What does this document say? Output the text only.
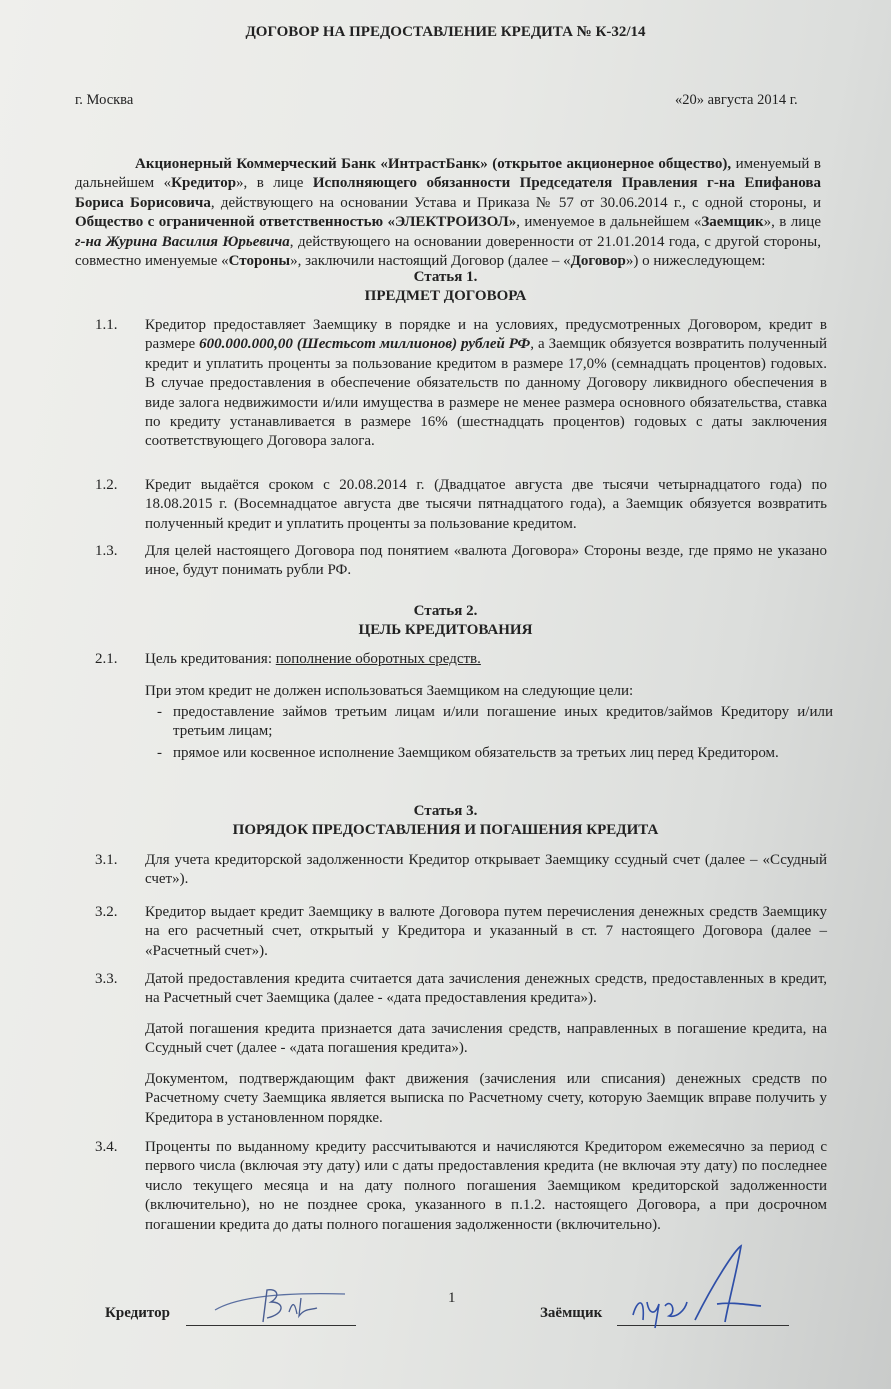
ДОГОВОР НА ПРЕДОСТАВЛЕНИЕ КРЕДИТА № К-32/14
г. Москва	«20» августа 2014 г.
Акционерный Коммерческий Банк «ИнтрастБанк» (открытое акционерное общество), именуемый в дальнейшем «Кредитор», в лице Исполняющего обязанности Председателя Правления г-на Епифанова Бориса Борисовича, действующего на основании Устава и Приказа № 57 от 30.06.2014 г., с одной стороны, и Общество с ограниченной ответственностью «ЭЛЕКТРОИЗОЛ», именуемое в дальнейшем «Заемщик», в лице г-на Журина Василия Юрьевича, действующего на основании доверенности от 21.01.2014 года, с другой стороны, совместно именуемые «Стороны», заключили настоящий Договор (далее – «Договор») о нижеследующем:
Статья 1.
ПРЕДМЕТ ДОГОВОРА
1.1. Кредитор предоставляет Заемщику в порядке и на условиях, предусмотренных Договором, кредит в размере 600.000.000,00 (Шестьсот миллионов) рублей РФ, а Заемщик обязуется возвратить полученный кредит и уплатить проценты за пользование кредитом в размере 17,0% (семнадцать процентов) годовых. В случае предоставления в обеспечение обязательств по данному Договору ликвидного обеспечения в виде залога недвижимости и/или имущества в размере не менее размера основного обязательства, ставка по кредиту устанавливается в размере 16% (шестнадцать процентов) годовых с даты заключения соответствующего Договора залога.
1.2. Кредит выдаётся сроком с 20.08.2014 г. (Двадцатое августа две тысячи четырнадцатого года) по 18.08.2015 г. (Восемнадцатое августа две тысячи пятнадцатого года), а Заемщик обязуется возвратить полученный кредит и уплатить проценты за пользование кредитом.
1.3. Для целей настоящего Договора под понятием «валюта Договора» Стороны везде, где прямо не указано иное, будут понимать рубли РФ.
Статья 2.
ЦЕЛЬ КРЕДИТОВАНИЯ
2.1. Цель кредитования: пополнение оборотных средств.
При этом кредит не должен использоваться Заемщиком на следующие цели:
- предоставление займов третьим лицам и/или погашение иных кредитов/займов Кредитору и/или третьим лицам;
- прямое или косвенное исполнение Заемщиком обязательств за третьих лиц перед Кредитором.
Статья 3.
ПОРЯДОК ПРЕДОСТАВЛЕНИЯ И ПОГАШЕНИЯ КРЕДИТА
3.1. Для учета кредиторской задолженности Кредитор открывает Заемщику ссудный счет (далее – «Ссудный счет»).
3.2. Кредитор выдает кредит Заемщику в валюте Договора путем перечисления денежных средств Заемщику на его расчетный счет, открытый у Кредитора и указанный в ст. 7 настоящего Договора (далее – «Расчетный счет»).
3.3. Датой предоставления кредита считается дата зачисления денежных средств, предоставленных в кредит, на Расчетный счет Заемщика (далее - «дата предоставления кредита»).
Датой погашения кредита признается дата зачисления средств, направленных в погашение кредита, на Ссудный счет (далее - «дата погашения кредита»).
Документом, подтверждающим факт движения (зачисления или списания) денежных средств по Расчетному счету Заемщика является выписка по Расчетному счету, которую Заемщик вправе получить у Кредитора в установленном порядке.
3.4. Проценты по выданному кредиту рассчитываются и начисляются Кредитором ежемесячно за период с первого числа (включая эту дату) или с даты предоставления кредита (не включая эту дату) по последнее число текущего месяца и на дату полного погашения Заемщиком кредиторской задолженности (включительно), но не позднее срока, указанного в п.1.2. настоящего Договора, а при досрочном погашении кредита до даты полного погашения задолженности (включительно).
1
Кредитор	Заёмщик
